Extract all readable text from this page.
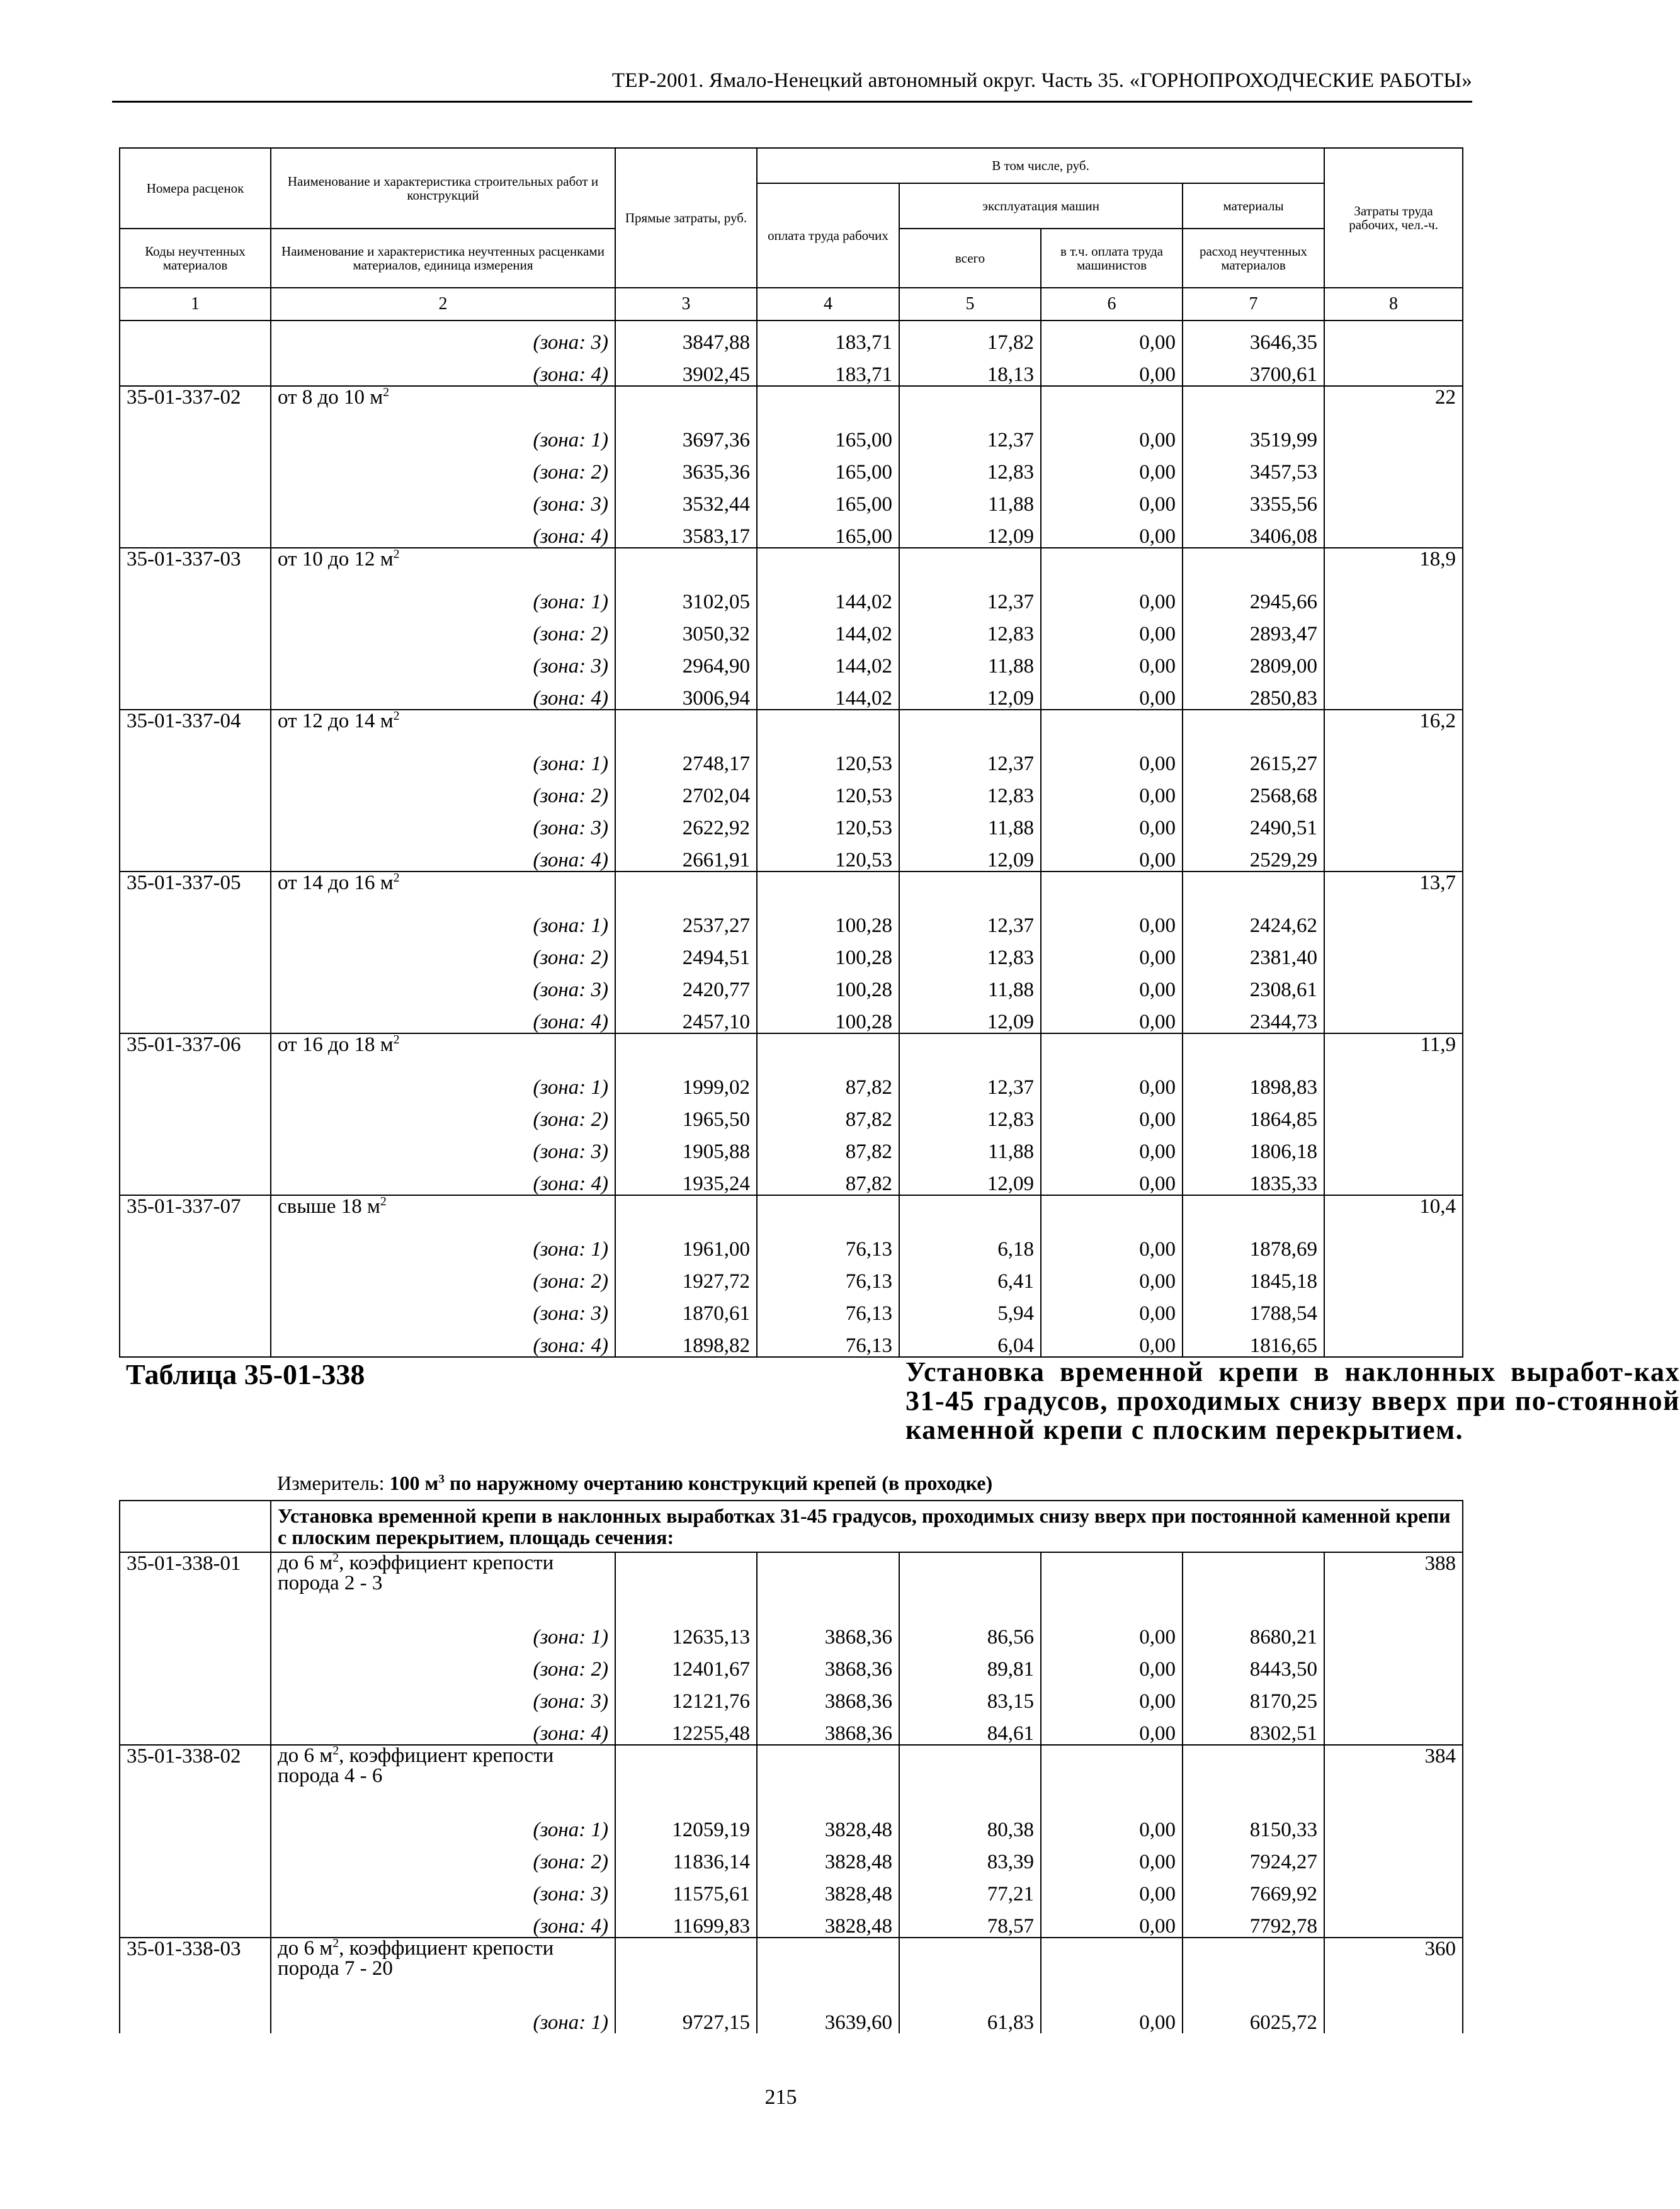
ТЕР-2001. Ямало-Ненецкий автономный округ. Часть 35. «ГОРНОПРОХОДЧЕСКИЕ РАБОТЫ»
Номера расценок	Наименование и характеристика строительных работ и конструкций	Прямые затраты, руб.	В том числе, руб.				Затраты труда рабочих, чел.-ч.
			оплата труда рабочих	эксплуатация машин		материалы	
Коды неучтенных материалов	Наименование и характеристика неучтенных расценками материалов, единица измерения			всего	в т.ч. оплата труда машинистов	расход неучтенных материалов	
1	2	3	4	5	6	7	8
	(зона: 3)	3847,88	183,71	17,82	0,00	3646,35	
	(зона: 4)	3902,45	183,71	18,13	0,00	3700,61	
35-01-337-02	от 8 до 10 $м^2$						22
	(зона: 1)	3697,36	165,00	12,37	0,00	3519,99	
	(зона: 2)	3635,36	165,00	12,83	0,00	3457,53	
	(зона: 3)	3532,44	165,00	11,88	0,00	3355,56	
	(зона: 4)	3583,17	165,00	12,09	0,00	3406,08	
35-01-337-03	от 10 до 12 $м^2$						18,9
	(зона: 1)	3102,05	144,02	12,37	0,00	2945,66	
	(зона: 2)	3050,32	144,02	12,83	0,00	2893,47	
	(зона: 3)	2964,90	144,02	11,88	0,00	2809,00	
	(зона: 4)	3006,94	144,02	12,09	0,00	2850,83	
35-01-337-04	от 12 до 14 $м^2$						16,2
	(зона: 1)	2748,17	120,53	12,37	0,00	2615,27	
	(зона: 2)	2702,04	120,53	12,83	0,00	2568,68	
	(зона: 3)	2622,92	120,53	11,88	0,00	2490,51	
	(зона: 4)	2661,91	120,53	12,09	0,00	2529,29	
35-01-337-05	от 14 до 16 $м^2$						13,7
	(зона: 1)	2537,27	100,28	12,37	0,00	2424,62	
	(зона: 2)	2494,51	100,28	12,83	0,00	2381,40	
	(зона: 3)	2420,77	100,28	11,88	0,00	2308,61	
	(зона: 4)	2457,10	100,28	12,09	0,00	2344,73	
35-01-337-06	от 16 до 18 $м^2$						11,9
	(зона: 1)	1999,02	87,82	12,37	0,00	1898,83	
	(зона: 2)	1965,50	87,82	12,83	0,00	1864,85	
	(зона: 3)	1905,88	87,82	11,88	0,00	1806,18	
	(зона: 4)	1935,24	87,82	12,09	0,00	1835,33	
35-01-337-07	свыше 18 $м^2$						10,4
	(зона: 1)	1961,00	76,13	6,18	0,00	1878,69	
	(зона: 2)	1927,72	76,13	6,41	0,00	1845,18	
	(зона: 3)	1870,61	76,13	5,94	0,00	1788,54	
	(зона: 4)	1898,82	76,13	6,04	0,00	1816,65	

Таблица 35-01-338				Установка временной крепи в наклонных выработ-ках 31-45 градусов, проходимых снизу вверх при по-стоянной каменной крепи с плоским перекрытием.			

	Измеритель: 100 $м^3$ по наружному очертанию конструкций крепей (в проходке)						
	Установка временной крепи в наклонных выработках 31-45 градусов, проходимых снизу вверх при постоянной каменной крепи с плоским перекрытием, площадь сечения:						
35-01-338-01	до 6 $м^2$, коэффициент крепости порода 2 - 3						388
	(зона: 1)	12635,13	3868,36	86,56	0,00	8680,21	
	(зона: 2)	12401,67	3868,36	89,81	0,00	8443,50	
	(зона: 3)	12121,76	3868,36	83,15	0,00	8170,25	
	(зона: 4)	12255,48	3868,36	84,61	0,00	8302,51	
35-01-338-02	до 6 $м^2$, коэффициент крепости порода 4 - 6						384
	(зона: 1)	12059,19	3828,48	80,38	0,00	8150,33	
	(зона: 2)	11836,14	3828,48	83,39	0,00	7924,27	
	(зона: 3)	11575,61	3828,48	77,21	0,00	7669,92	
	(зона: 4)	11699,83	3828,48	78,57	0,00	7792,78	
35-01-338-03	до 6 $м^2$, коэффициент крепости порода 7 - 20						360
	(зона: 1)	9727,15	3639,60	61,83	0,00	6025,72	
215
